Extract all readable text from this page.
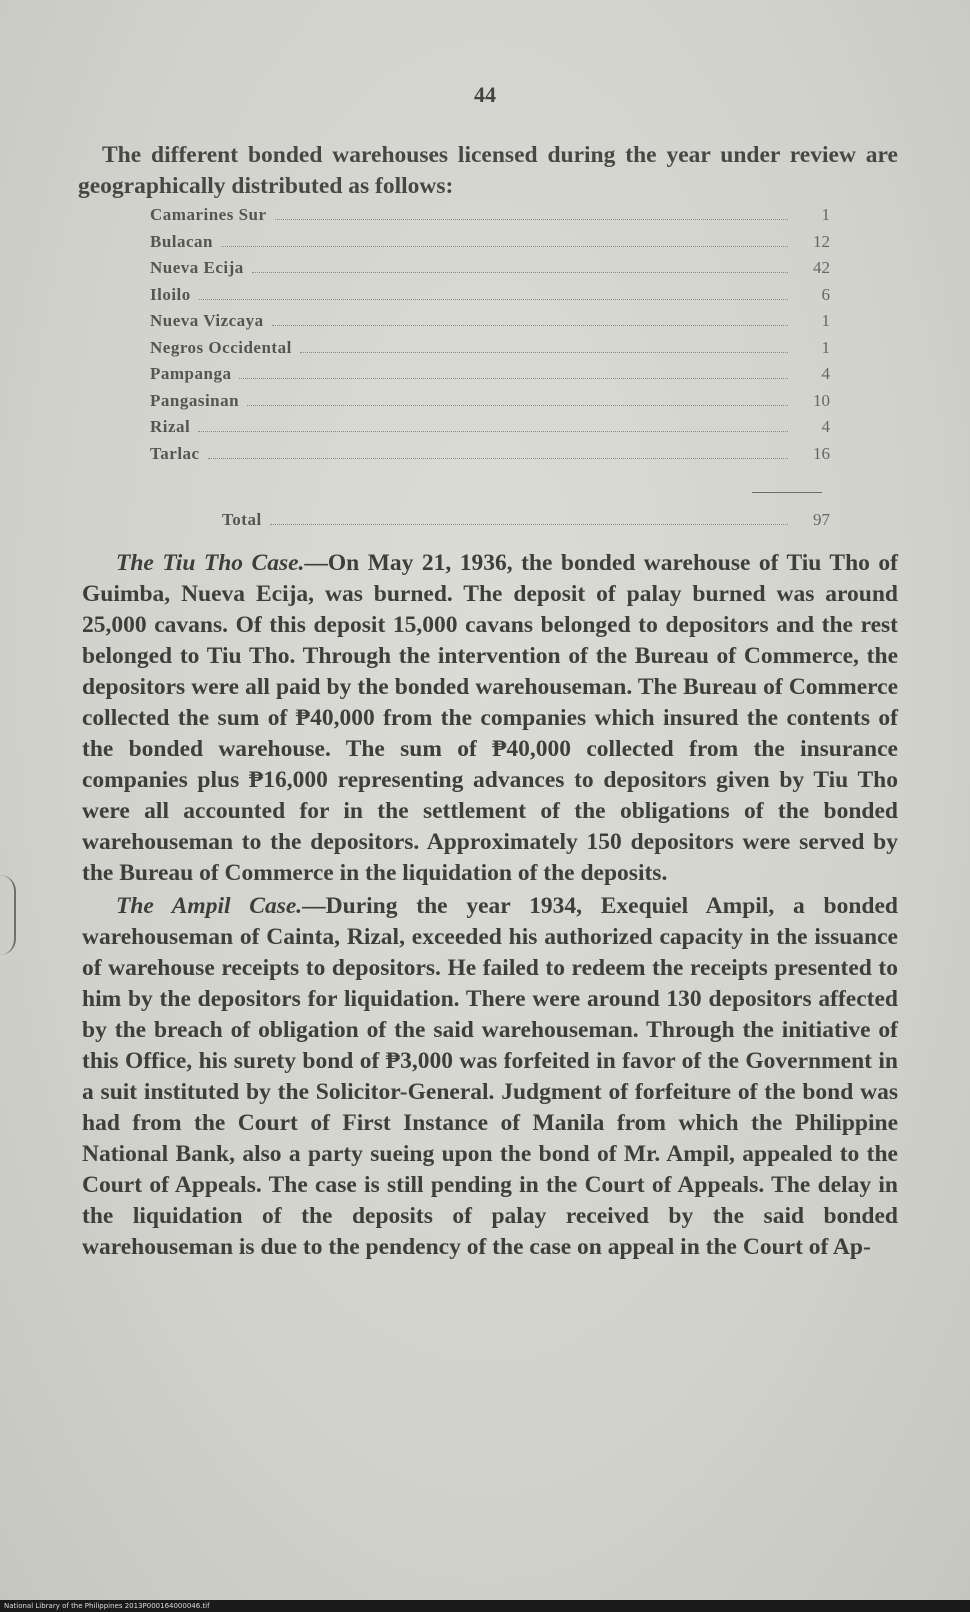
44
The different bonded warehouses licensed during the year under review are geographically distributed as follows:
Camarines Sur	1
Bulacan	12
Nueva Ecija	42
Iloilo	6
Nueva Vizcaya	1
Negros Occidental	1
Pampanga	4
Pangasinan	10
Rizal	4
Tarlac	16
Total	97

The Tiu Tho Case.—On May 21, 1936, the bonded warehouse of Tiu Tho of Guimba, Nueva Ecija, was burned. The deposit of palay burned was around 25,000 cavans. Of this deposit 15,000 cavans belonged to depositors and the rest belonged to Tiu Tho. Through the intervention of the Bureau of Commerce, the depositors were all paid by the bonded warehouseman. The Bureau of Commerce collected the sum of ₱40,000 from the companies which insured the contents of the bonded warehouse. The sum of ₱40,000 collected from the insurance companies plus ₱16,000 representing advances to depositors given by Tiu Tho were all accounted for in the settlement of the obligations of the bonded warehouseman to the depositors. Approximately 150 depositors were served by the Bureau of Commerce in the liquidation of the deposits.

The Ampil Case.—During the year 1934, Exequiel Ampil, a bonded warehouseman of Cainta, Rizal, exceeded his authorized capacity in the issuance of warehouse receipts to depositors. He failed to redeem the receipts presented to him by the depositors for liquidation. There were around 130 depositors affected by the breach of obligation of the said warehouseman. Through the initiative of this Office, his surety bond of ₱3,000 was forfeited in favor of the Government in a suit instituted by the Solicitor-General. Judgment of forfeiture of the bond was had from the Court of First Instance of Manila from which the Philippine National Bank, also a party sueing upon the bond of Mr. Ampil, appealed to the Court of Appeals. The case is still pending in the Court of Appeals. The delay in the liquidation of the deposits of palay received by the said bonded warehouseman is due to the pendency of the case on appeal in the Court of Ap-

National Library of the Philippines 2013P000164000046.tif
